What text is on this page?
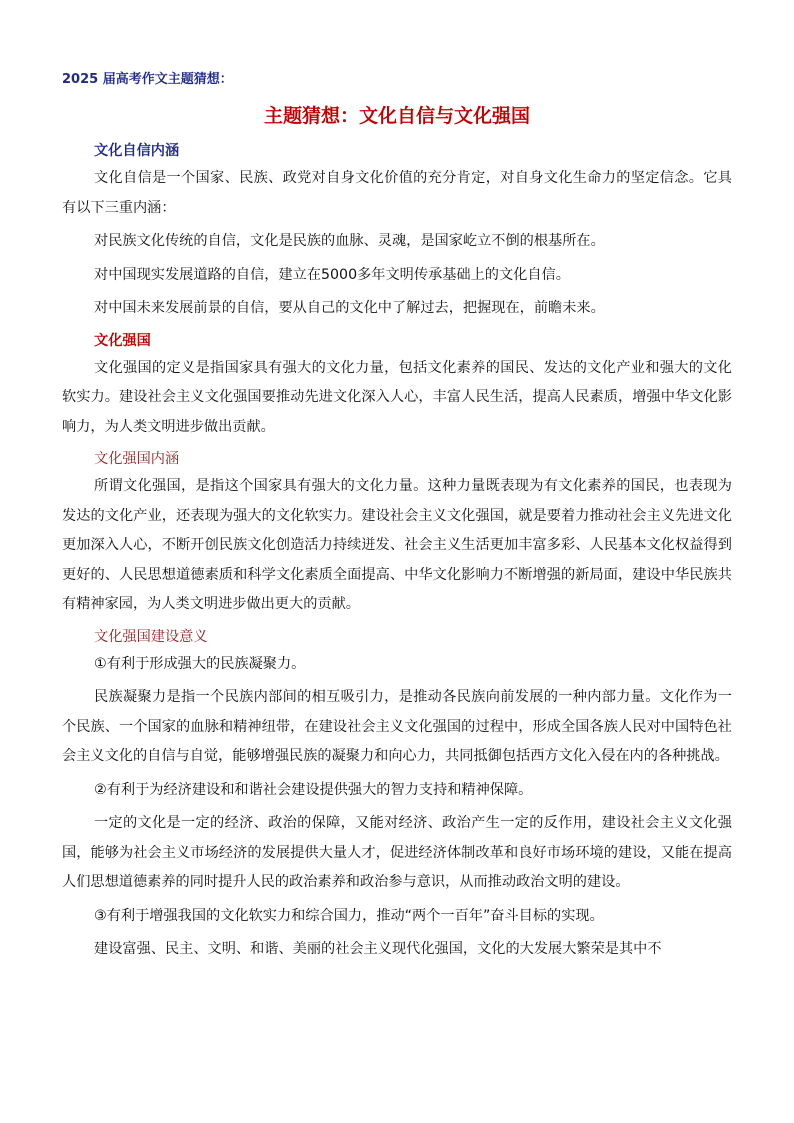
2025 届高考作文主题猜想：
主题猜想：文化自信与文化强国
文化自信内涵

文化自信是一个国家、民族、政党对自身文化价值的充分肯定，对自身文化生命力的坚定信念。它具有以下三重内涵：

对民族文化传统的自信，文化是民族的血脉、灵魂，是国家屹立不倒的根基所在。

对中国现实发展道路的自信，建立在5000多年文明传承基础上的文化自信。

对中国未来发展前景的自信，要从自己的文化中了解过去，把握现在，前瞻未来。

文化强国

文化强国的定义是指国家具有强大的文化力量，包括文化素养的国民、发达的文化产业和强大的文化软实力。建设社会主义文化强国要推动先进文化深入人心，丰富人民生活，提高人民素质，增强中华文化影响力，为人类文明进步做出贡献。

文化强国内涵

所谓文化强国，是指这个国家具有强大的文化力量。这种力量既表现为有文化素养的国民，也表现为发达的文化产业，还表现为强大的文化软实力。建设社会主义文化强国，就是要着力推动社会主义先进文化更加深入人心，不断开创民族文化创造活力持续迸发、社会主义生活更加丰富多彩、人民基本文化权益得到更好的、人民思想道德素质和科学文化素质全面提高、中华文化影响力不断增强的新局面，建设中华民族共有精神家园，为人类文明进步做出更大的贡献。

文化强国建设意义

①有利于形成强大的民族凝聚力。

民族凝聚力是指一个民族内部间的相互吸引力，是推动各民族向前发展的一种内部力量。文化作为一个民族、一个国家的血脉和精神纽带，在建设社会主义文化强国的过程中，形成全国各族人民对中国特色社会主义文化的自信与自觉，能够增强民族的凝聚力和向心力，共同抵御包括西方文化入侵在内的各种挑战。

②有利于为经济建设和和谐社会建设提供强大的智力支持和精神保障。

一定的文化是一定的经济、政治的保障，又能对经济、政治产生一定的反作用，建设社会主义文化强国，能够为社会主义市场经济的发展提供大量人才，促进经济体制改革和良好市场环境的建设，又能在提高人们思想道德素养的同时提升人民的政治素养和政治参与意识，从而推动政治文明的建设。

③有利于增强我国的文化软实力和综合国力，推动“两个一百年”奋斗目标的实现。

建设富强、民主、文明、和谐、美丽的社会主义现代化强国，文化的大发展大繁荣是其中不
